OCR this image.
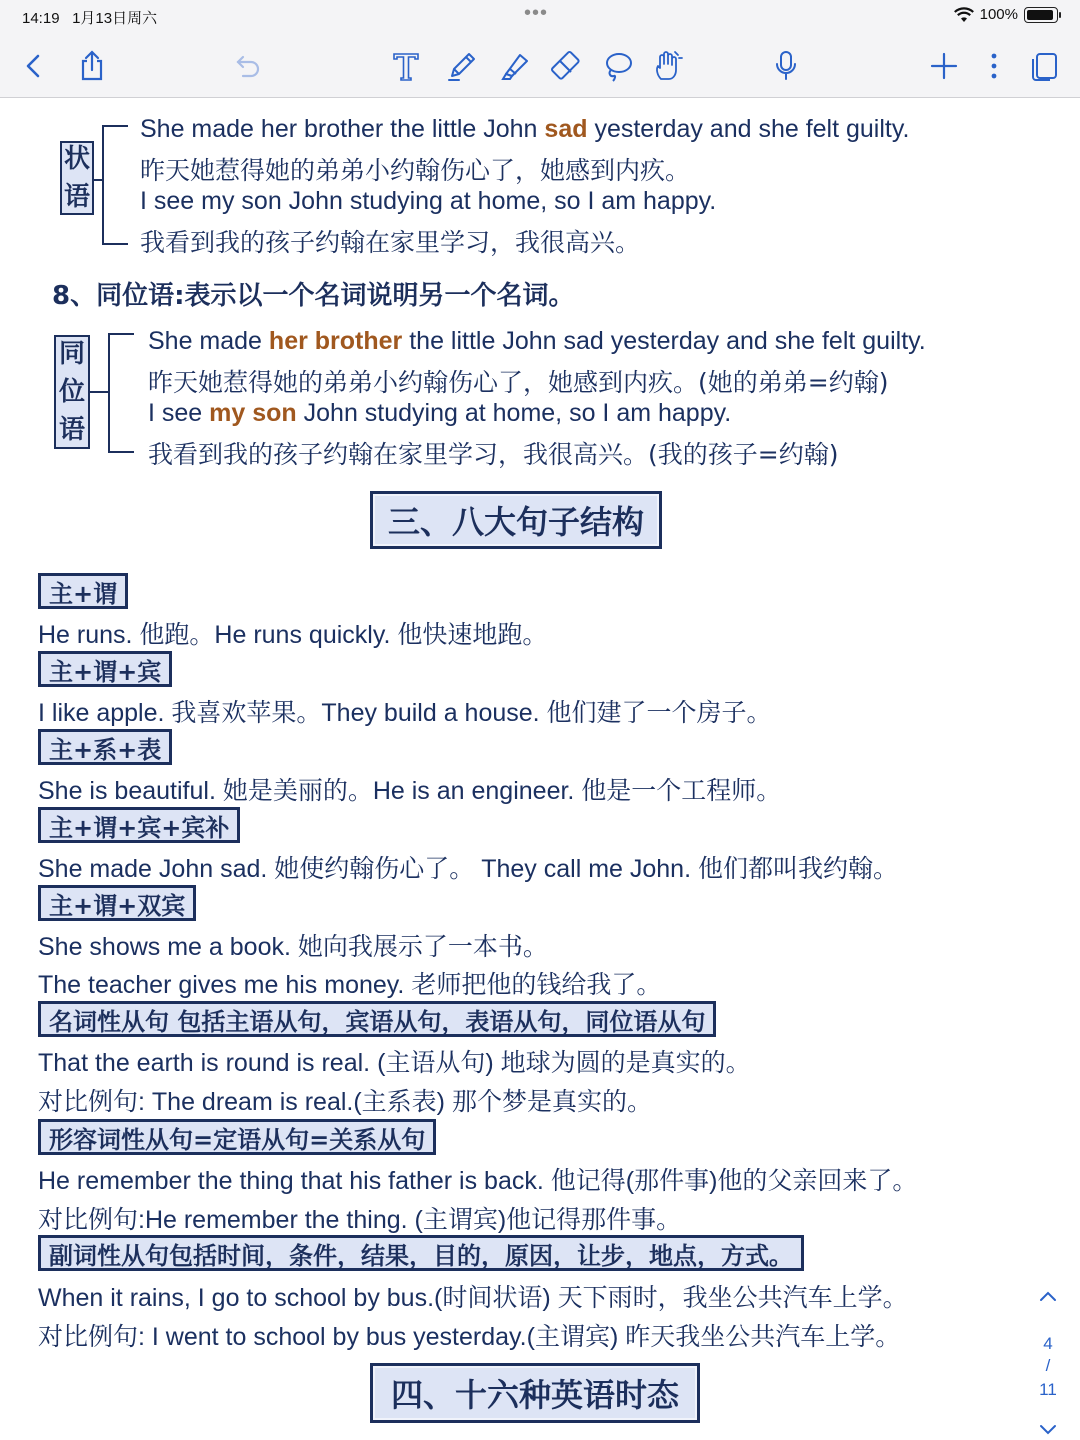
14:19 1月13日周六	•••	100%
状
语
She made her brother the little John sad yesterday and she felt guilty.
昨天她惹得她的弟弟小约翰伤心了，她感到内疚。
I see my son John studying at home, so I am happy.
我看到我的孩子约翰在家里学习，我很高兴。
8、同位语:表示以一个名词说明另一个名词。
同
位
语
She made her brother the little John sad yesterday and she felt guilty.
昨天她惹得她的弟弟小约翰伤心了，她感到内疚。(她的弟弟=约翰)
I see my son John studying at home, so I am happy.
我看到我的孩子约翰在家里学习，我很高兴。(我的孩子=约翰)
三、八大句子结构
主+谓
He runs. 他跑。He runs quickly. 他快速地跑。
主+谓+宾
I like apple. 我喜欢苹果。They build a house. 他们建了一个房子。
主+系+表
She is beautiful. 她是美丽的。He is an engineer. 他是一个工程师。
主+谓+宾+宾补
She made John sad. 她使约翰伤心了。 They call me John. 他们都叫我约翰。
主+谓+双宾
She shows me a book. 她向我展示了一本书。
The teacher gives me his money. 老师把他的钱给我了。
名词性从句 包括主语从句，宾语从句，表语从句，同位语从句
That the earth is round is real. (主语从句) 地球为圆的是真实的。
对比例句: The dream is real.(主系表) 那个梦是真实的。
形容词性从句=定语从句=关系从句
He remember the thing that his father is back. 他记得(那件事)他的父亲回来了。
对比例句:He remember the thing. (主谓宾)他记得那件事。
副词性从句包括时间，条件，结果，目的，原因，让步，地点，方式。
When it rains, I go to school by bus.(时间状语) 天下雨时，我坐公共汽车上学。
对比例句: I went to school by bus yesterday.(主谓宾) 昨天我坐公共汽车上学。
四、十六种英语时态
4
/
11
